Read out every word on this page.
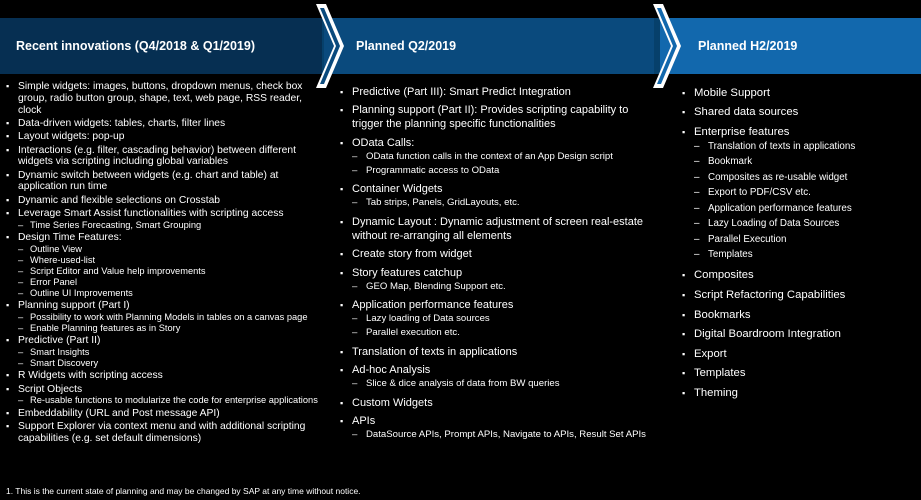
Recent innovations (Q4/2018 & Q1/2019)	Planned Q2/2019	Planned H2/2019
▪ Simple widgets: images, buttons, dropdown menus, check box group, radio button group, shape, text, web page, RSS reader, clock
▪ Data-driven widgets: tables, charts, filter lines
▪ Layout widgets: pop-up
▪ Interactions (e.g. filter, cascading behavior) between different widgets via scripting including global variables
▪ Dynamic switch between widgets (e.g. chart and table) at application run time
▪ Dynamic and flexible selections on Crosstab
▪ Leverage Smart Assist functionalities with scripting access
– Time Series Forecasting, Smart Grouping
▪ Design Time Features:
– Outline View
– Where-used-list
– Script Editor and Value help improvements
– Error Panel
– Outline UI Improvements
▪ Planning support (Part I)
– Possibility to work with Planning Models in tables on a canvas page
– Enable Planning features as in Story
▪ Predictive (Part II)
– Smart Insights
– Smart Discovery
▪ R Widgets with scripting access
▪ Script Objects
– Re-usable functions to modularize the code for enterprise applications
▪ Embeddability (URL and Post message API)
▪ Support Explorer via context menu and with additional scripting capabilities (e.g. set default dimensions)
▪ Predictive (Part III): Smart Predict Integration
▪ Planning support (Part II): Provides scripting capability to trigger the planning specific functionalities
▪ OData Calls:
– OData function calls in the context of an App Design script
– Programmatic access to OData
▪ Container Widgets
– Tab strips, Panels, GridLayouts, etc.
▪ Dynamic Layout : Dynamic adjustment of screen real-estate without re-arranging all elements
▪ Create story from widget
▪ Story features catchup
– GEO Map, Blending Support etc.
▪ Application performance features
– Lazy loading of Data sources
– Parallel execution etc.
▪ Translation of texts in applications
▪ Ad-hoc Analysis
– Slice & dice analysis of data from BW queries
▪ Custom Widgets
▪ APIs
– DataSource APIs, Prompt APIs, Navigate to APIs, Result Set APIs
▪ Mobile Support
▪ Shared data sources
▪ Enterprise features
– Translation of texts in applications
– Bookmark
– Composites as re-usable widget
– Export to PDF/CSV etc.
– Application performance features
– Lazy Loading of Data Sources
– Parallel Execution
– Templates
▪ Composites
▪ Script Refactoring Capabilities
▪ Bookmarks
▪ Digital Boardroom Integration
▪ Export
▪ Templates
▪ Theming
1. This is the current state of planning and may be changed by SAP at any time without notice.
